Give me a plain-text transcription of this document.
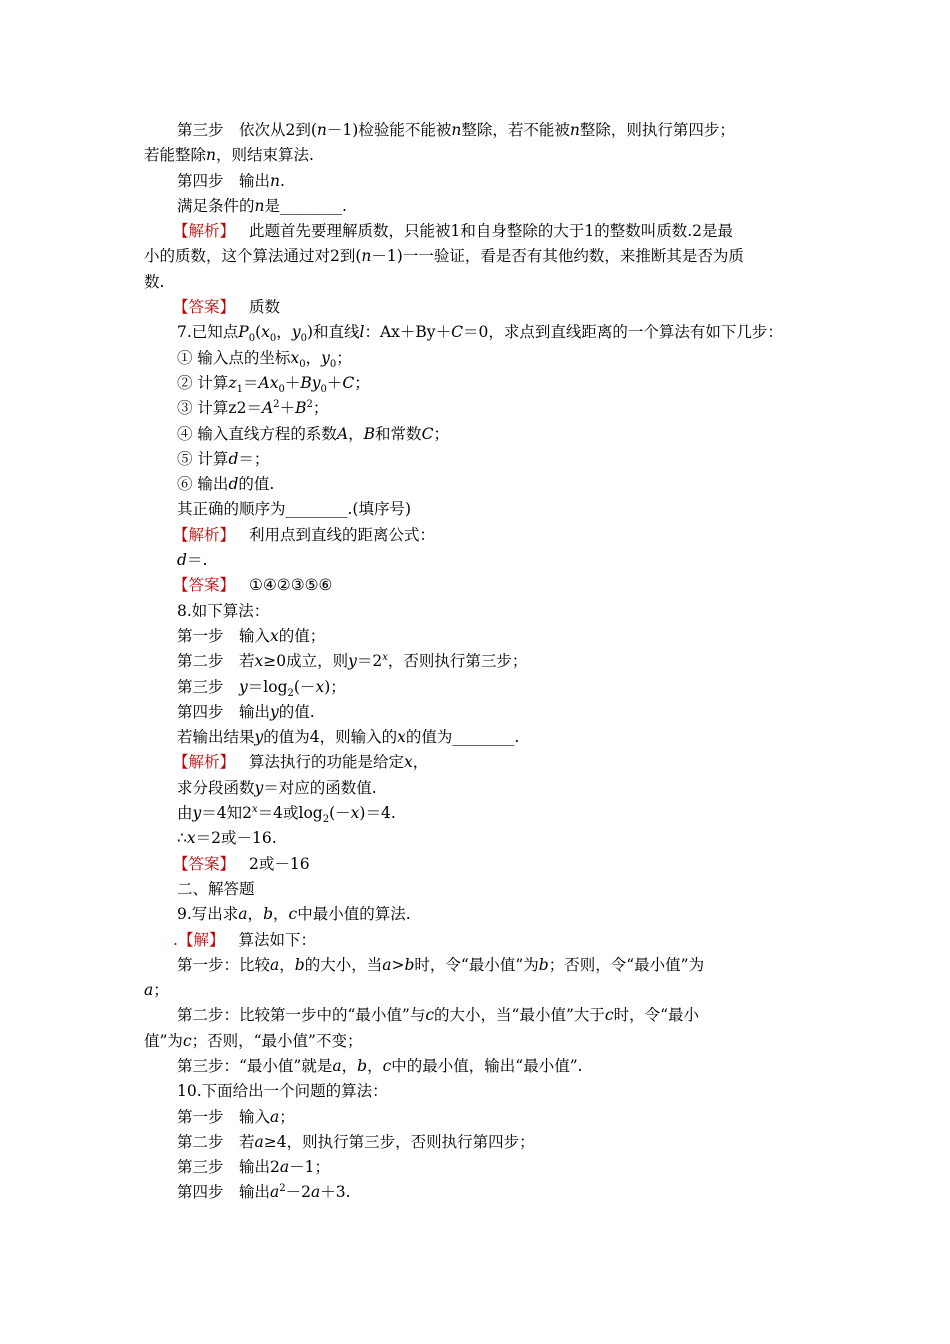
第三步　依次从2到(n－1)检验能不能被n整除，若不能被n整除，则执行第四步；
若能整除n，则结束算法.
第四步　输出n.
满足条件的n是________.
【解析】 此题首先要理解质数，只能被1和自身整除的大于1的整数叫质数.2是最
小的质数，这个算法通过对2到(n－1)一一验证，看是否有其他约数，来推断其是否为质
数.
【答案】 质数
7.已知点$P_0(x_0$，$y_0$)和直线l：Ax＋By＋C＝0，求点到直线距离的一个算法有如下几步：
① 输入点的坐标$x_0$，$y_0$；
② 计算$z_1=Ax_0+By_0+C$；
③ 计算$z2=A^2+B^2$；
④ 输入直线方程的系数A，B和常数C；
⑤ 计算d＝；
⑥ 输出d的值.
其正确的顺序为________.(填序号)
【解析】 利用点到直线的距离公式：
d＝.
【答案】 ①④②③⑤⑥
8.如下算法：
第一步　输入x的值；
第二步　若x≥0成立，则$y=2^x$，否则执行第三步；
第三步　$y=\log_2(-x)$；
第四步　输出y的值.
若输出结果y的值为4，则输入的x的值为________.
【解析】 算法执行的功能是给定x，
求分段函数y＝对应的函数值.
由y＝4知$2^x=4$或$\log_2(-x)=4$.
∴x＝2或－16.
【答案】 2或－16
二、解答题
9.写出求a，b，c中最小值的算法.
.【解】 算法如下：
第一步：比较a，b的大小，当a>b时，令“最小值”为b；否则，令“最小值”为
a；
第二步：比较第一步中的“最小值”与c的大小，当“最小值”大于c时，令“最小
值”为c；否则，“最小值”不变；
第三步：“最小值”就是a，b，c中的最小值，输出“最小值”.
10.下面给出一个问题的算法：
第一步　输入a；
第二步　若a≥4，则执行第三步，否则执行第四步；
第三步　输出2a－1；
第四步　输出$a^2-2a+3$.
